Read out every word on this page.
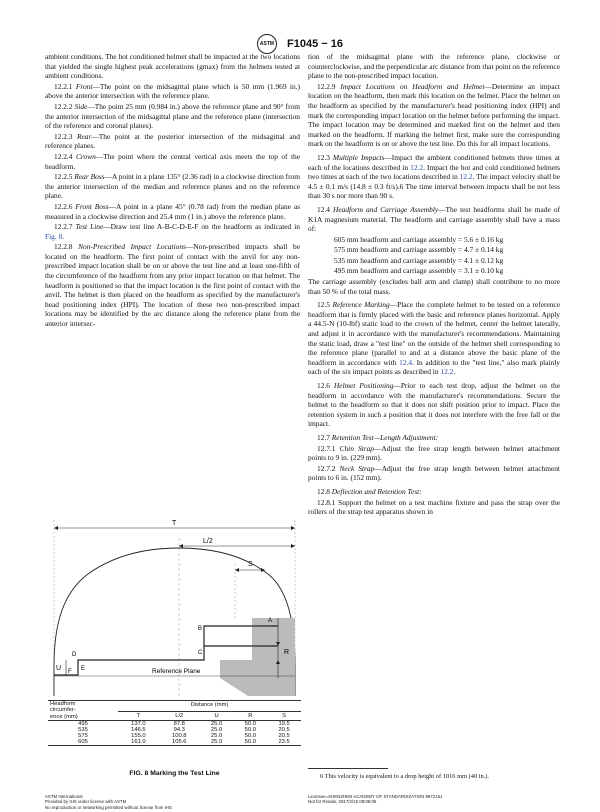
ASTM F1045 − 16

ambient conditions. The hot conditioned helmet shall be impacted at the two locations that yielded the single highest peak accelerations (gmax) from the helmets tested at ambient conditions.

12.2.1 Front—The point on the midsagittal plane which is 50 mm (1.969 in.) above the anterior intersection with the reference plane.

12.2.2 Side—The point 25 mm (0.984 in.) above the reference plane and 90° from the anterior intersection of the midsagittal plane and the reference plane (intersection of the reference and coronal planes).

12.2.3 Rear—The point at the posterior intersection of the midsagittal and reference planes.

12.2.4 Crown—The point where the central vertical axis meets the top of the headform.

12.2.5 Rear Boss—A point in a plane 135° (2.36 rad) in a clockwise direction from the anterior intersection of the median and reference planes and on the reference plane.

12.2.6 Front Boss—A point in a plane 45° (0.78 rad) from the median plane as measured in a clockwise direction and 25.4 mm (1 in.) above the reference plane.

12.2.7 Test Line—Draw test line A-B-C-D-E-F on the headform as indicated in Fig. 8.

12.2.8 Non-Prescribed Impact Locations—Non-prescribed impacts shall be located on the headform. The first point of contact with the anvil for any non-prescribed impact location shall be on or above the test line and at least one-fifth of the circumference of the headform from any prior impact location on that helmet. The headform is positioned so that the impact location is the first point of contact with the anvil. The helmet is then placed on the headform as specified by the manufacturer's head positioning index (HPI). The location of these two non-prescribed impact locations may be identified by the arc distance along the reference plane from the anterior intersec-

T
L/2
S
R
U	Reference Plane
A
B
C
D
E
F
Headform
circumfer-
ence (mm)	Distance (mm)				

	T	L/2	U	R	S
495	137.0	87.8	25.0	50.0	19.5
535	146.5	94.3	25.0	50.0	20.5
575	155.0	100.8	25.0	50.0	20.5
605	161.0	105.6	25.0	50.0	23.5
FIG. 8 Marking the Test Line

tion of the midsagittal plane with the reference plane, clockwise or counterclockwise, and the perpendicular arc distance from that point on the reference plane to the non-prescribed impact location.

12.2.9 Impact Locations on Headform and Helmet—Determine an impact location on the headform, then mark this location on the helmet. Place the helmet on the headform as specified by the manufacturer's head positioning index (HPI) and mark the corresponding impact location on the helmet before performing the impact. The impact location may be determined and marked first on the helmet and then marked on the headform. If marking the helmet first, make sure the corresponding mark on the headform is on or above the test line. Do this for all impact locations.

12.3 Multiple Impacts—Impact the ambient conditioned helmets three times at each of the locations described in 12.2. Impact the hot and cold conditioned helmets two times at each of the two locations described in 12.2. The impact velocity shall be 4.5 ± 0.1 m/s (14.8 ± 0.3 ft/s).6 The time interval between impacts shall be not less than 30 s nor more than 90 s.

12.4 Headform and Carriage Assembly—The test headforms shall be made of K1A magnesium material. The headform and carriage assembly shall have a mass of:

605 mm headform and carriage assembly = 5.6 ± 0.16 kg

575 mm headform and carriage assembly = 4.7 ± 0.14 kg

535 mm headform and carriage assembly = 4.1 ± 0.12 kg

495 mm headform and carriage assembly = 3.1 ± 0.10 kg

The carriage assembly (excludes ball arm and clamp) shall contribute to no more than 50 % of the total mass.

12.5 Reference Marking—Place the complete helmet to be tested on a reference headform that is firmly placed with the basic and reference planes horizontal. Apply a 44.5-N (10-lbf) static load to the crown of the helmet, center the helmet laterally, and adjust it in accordance with the manufacturer's recommendations. Maintaining the static load, draw a "test line" on the outside of the helmet shell corresponding to the reference plane (parallel to and at a distance above the basic plane of the headform in accordance with 12.4. In addition to the "test line," also mark plainly each of the six impact points as described in 12.2.

12.6 Helmet Positioning—Prior to each test drop, adjust the helmet on the headform in accordance with the manufacturer's recommendations. Secure the helmet to the headform so that it does not shift position prior to impact. Place the retention system in such a position that it does not interfere with the free fall or the impact.

12.7 Retention Test—Length Adjustment:

12.7.1 Chin Strap—Adjust the free strap length between helmet attachment points to 9 in. (229 mm).

12.7.2 Neck Strap—Adjust the free strap length between helmet attachment points to 6 in. (152 mm).

12.8 Deflection and Retention Test:

12.8.1 Support the helmet on a test machine fixture and pass the strap over the rollers of the strap test apparatus shown in

6 This velocity is equivalent to a drop height of 1016 mm (40 in.).
ASTM International
Provided by IHS under license with ASTM
No reproduction or networking permitted without license from IHS
Licensee=SHENZHEN ACADEMY OF STANDARDIZATION 9972161
Not for Resale, 2017/2/15 08:09:06
